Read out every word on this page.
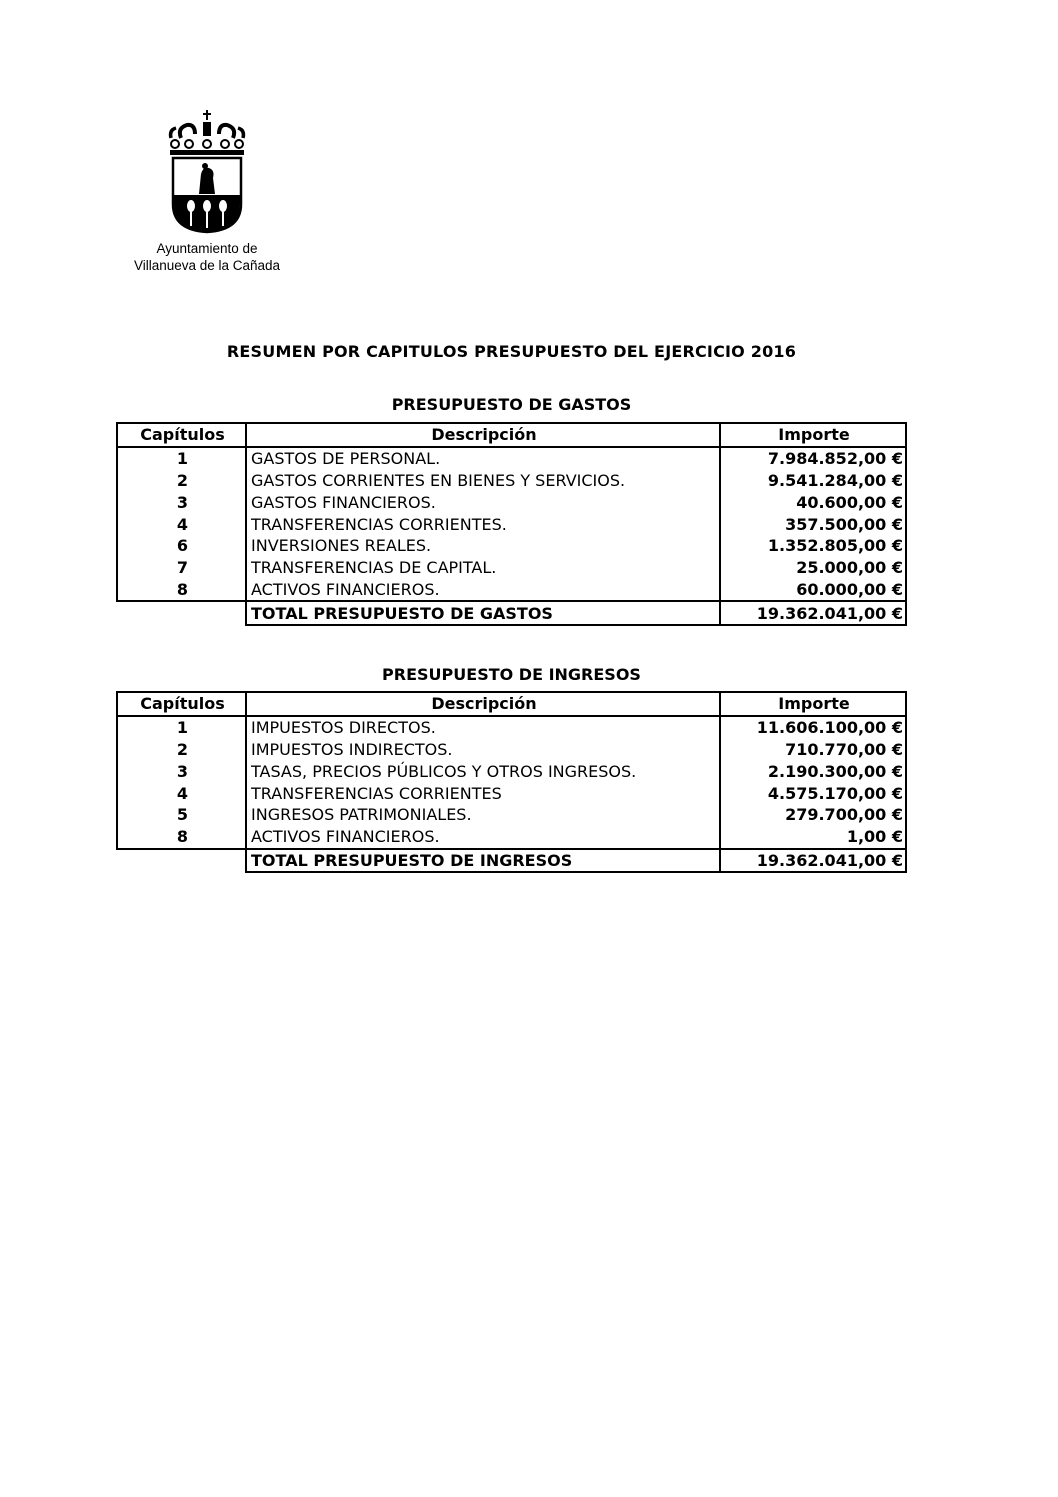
Ayuntamiento de
Villanueva de la Cañada
RESUMEN POR CAPITULOS PRESUPUESTO DEL EJERCICIO 2016
PRESUPUESTO DE GASTOS
Capítulos	Descripción	Importe
1	GASTOS DE PERSONAL.	7.984.852,00 €
2	GASTOS CORRIENTES EN BIENES Y SERVICIOS.	9.541.284,00 €
3	GASTOS FINANCIEROS.	40.600,00 €
4	TRANSFERENCIAS CORRIENTES.	357.500,00 €
6	INVERSIONES REALES.	1.352.805,00 €
7	TRANSFERENCIAS DE CAPITAL.	25.000,00 €
8	ACTIVOS FINANCIEROS.	60.000,00 €
	TOTAL PRESUPUESTO DE GASTOS	19.362.041,00 €
PRESUPUESTO DE INGRESOS
Capítulos	Descripción	Importe
1	IMPUESTOS DIRECTOS.	11.606.100,00 €
2	IMPUESTOS INDIRECTOS.	710.770,00 €
3	TASAS, PRECIOS PÚBLICOS Y OTROS INGRESOS.	2.190.300,00 €
4	TRANSFERENCIAS CORRIENTES	4.575.170,00 €
5	INGRESOS PATRIMONIALES.	279.700,00 €
8	ACTIVOS FINANCIEROS.	1,00 €
	TOTAL PRESUPUESTO DE INGRESOS	19.362.041,00 €
